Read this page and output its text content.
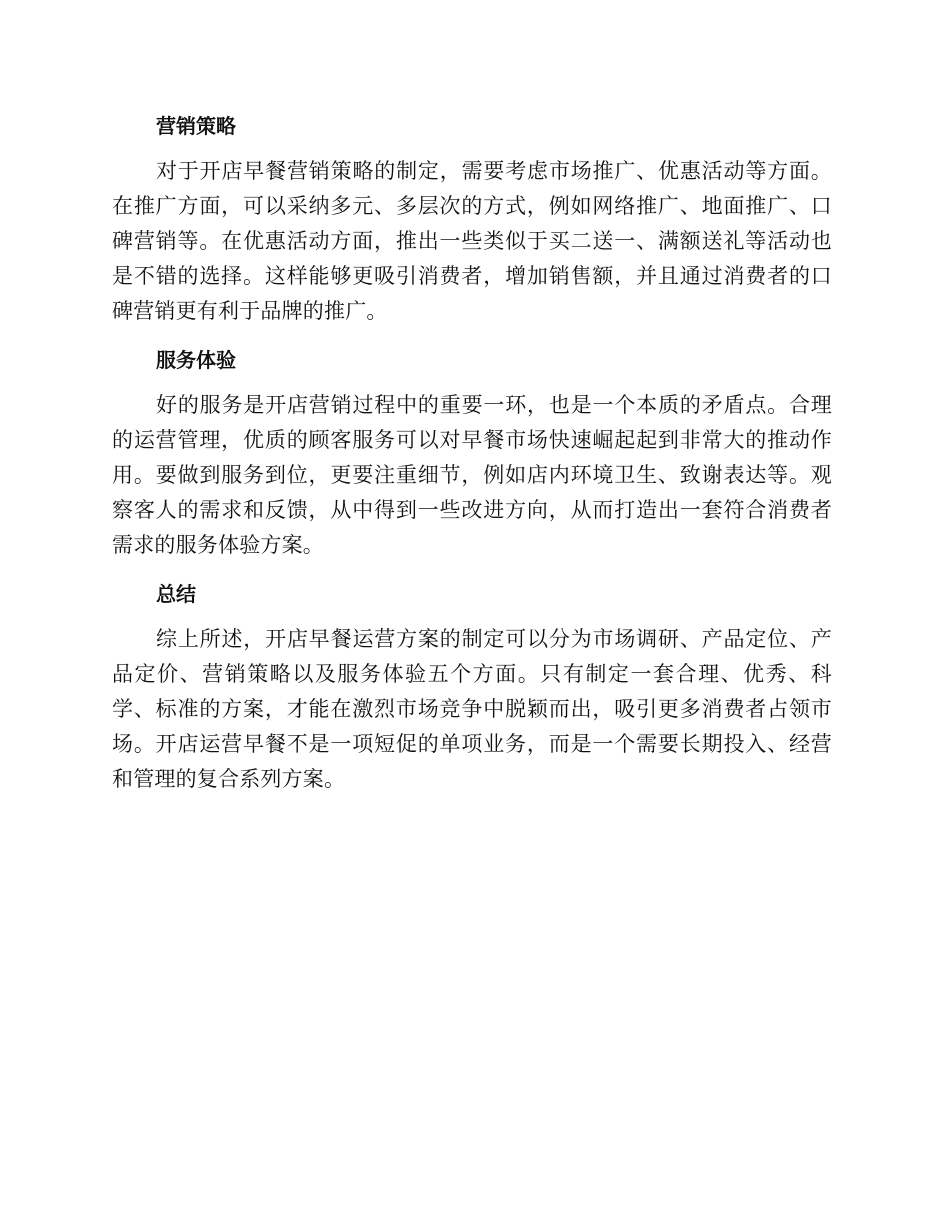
营销策略

对于开店早餐营销策略的制定，需要考虑市场推广、优惠活动等方面。在推广方面，可以采纳多元、多层次的方式，例如网络推广、地面推广、口碑营销等。在优惠活动方面，推出一些类似于买二送一、满额送礼等活动也是不错的选择。这样能够更吸引消费者，增加销售额，并且通过消费者的口碑营销更有利于品牌的推广。

服务体验

好的服务是开店营销过程中的重要一环，也是一个本质的矛盾点。合理的运营管理，优质的顾客服务可以对早餐市场快速崛起起到非常大的推动作用。要做到服务到位，更要注重细节，例如店内环境卫生、致谢表达等。观察客人的需求和反馈，从中得到一些改进方向，从而打造出一套符合消费者需求的服务体验方案。

总结

综上所述，开店早餐运营方案的制定可以分为市场调研、产品定位、产品定价、营销策略以及服务体验五个方面。只有制定一套合理、优秀、科学、标准的方案，才能在激烈市场竞争中脱颖而出，吸引更多消费者占领市场。开店运营早餐不是一项短促的单项业务，而是一个需要长期投入、经营和管理的复合系列方案。
